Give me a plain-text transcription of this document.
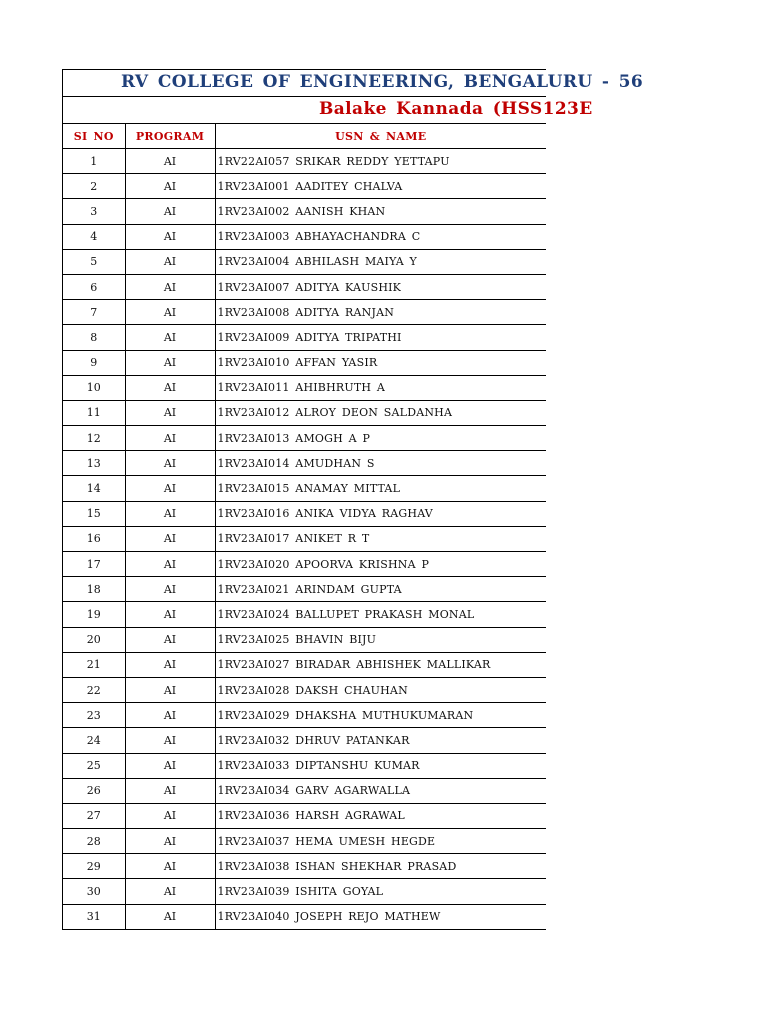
RV COLLEGE OF ENGINEERING, BENGALURU - 56
Balake Kannada (HSS123E
SI NO	PROGRAM	USN & NAME
1	AI	1RV22AI057 SRIKAR REDDY YETTAPU
2	AI	1RV23AI001 AADITEY CHALVA
3	AI	1RV23AI002 AANISH KHAN
4	AI	1RV23AI003 ABHAYACHANDRA C
5	AI	1RV23AI004 ABHILASH MAIYA Y
6	AI	1RV23AI007 ADITYA KAUSHIK
7	AI	1RV23AI008 ADITYA RANJAN
8	AI	1RV23AI009 ADITYA TRIPATHI
9	AI	1RV23AI010 AFFAN YASIR
10	AI	1RV23AI011 AHIBHRUTH A
11	AI	1RV23AI012 ALROY DEON SALDANHA
12	AI	1RV23AI013 AMOGH A P
13	AI	1RV23AI014 AMUDHAN S
14	AI	1RV23AI015 ANAMAY MITTAL
15	AI	1RV23AI016 ANIKA VIDYA RAGHAV
16	AI	1RV23AI017 ANIKET R T
17	AI	1RV23AI020 APOORVA KRISHNA P
18	AI	1RV23AI021 ARINDAM GUPTA
19	AI	1RV23AI024 BALLUPET PRAKASH MONAL
20	AI	1RV23AI025 BHAVIN BIJU
21	AI	1RV23AI027 BIRADAR ABHISHEK MALLIKAR
22	AI	1RV23AI028 DAKSH CHAUHAN
23	AI	1RV23AI029 DHAKSHA MUTHUKUMARAN
24	AI	1RV23AI032 DHRUV PATANKAR
25	AI	1RV23AI033 DIPTANSHU KUMAR
26	AI	1RV23AI034 GARV AGARWALLA
27	AI	1RV23AI036 HARSH AGRAWAL
28	AI	1RV23AI037 HEMA UMESH HEGDE
29	AI	1RV23AI038 ISHAN SHEKHAR PRASAD
30	AI	1RV23AI039 ISHITA GOYAL
31	AI	1RV23AI040 JOSEPH REJO MATHEW
